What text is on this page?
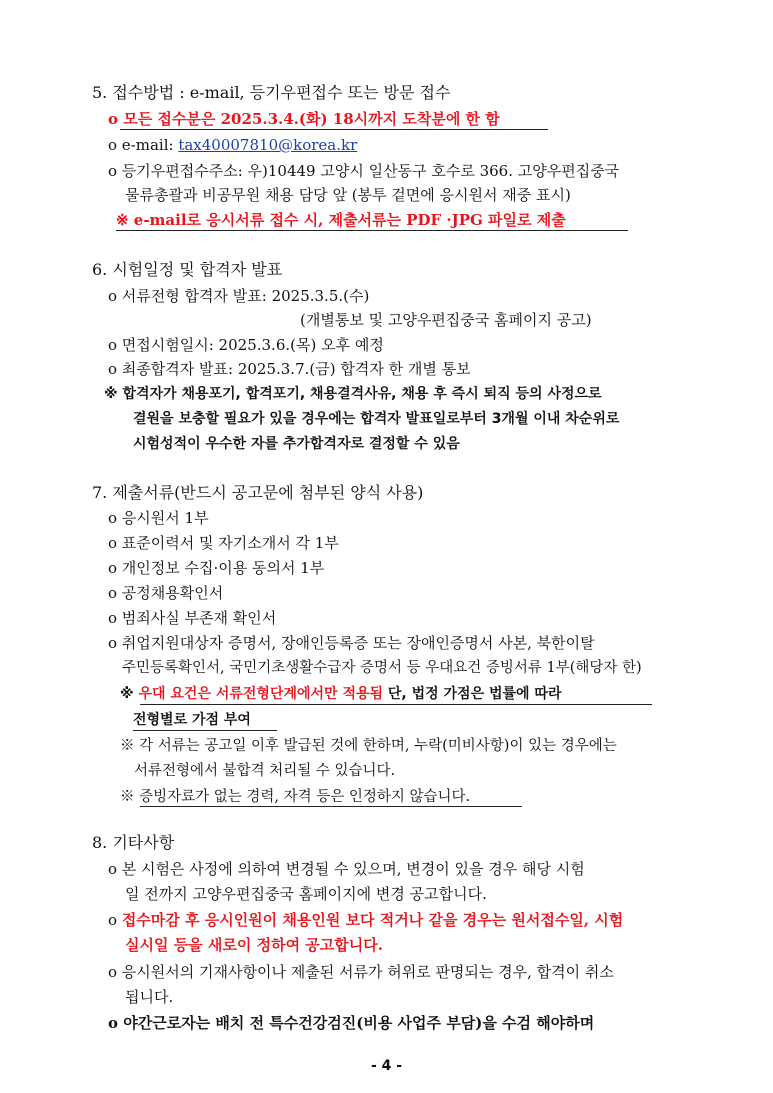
5. 접수방법 : e-mail, 등기우편접수 또는 방문 접수
o 모든 접수분은 2025.3.4.(화) 18시까지 도착분에 한 함
o e-mail: tax40007810@korea.kr
o 등기우편접수주소: 우)10449 고양시 일산동구 호수로 366. 고양우편집중국
물류총괄과 비공무원 채용 담당 앞 (봉투 겉면에 응시원서 재중 표시)
※ e-mail로 응시서류 접수 시, 제출서류는 PDF ·JPG 파일로 제출
6. 시험일정 및 합격자 발표
o 서류전형 합격자 발표: 2025.3.5.(수)
(개별통보 및 고양우편집중국 홈페이지 공고)
o 면접시험일시: 2025.3.6.(목) 오후 예정
o 최종합격자 발표: 2025.3.7.(금) 합격자 한 개별 통보
※ 합격자가 채용포기, 합격포기, 채용결격사유, 채용 후 즉시 퇴직 등의 사정으로
결원을 보충할 필요가 있을 경우에는 합격자 발표일로부터 3개월 이내 차순위로
시험성적이 우수한 자를 추가합격자로 결정할 수 있음
7. 제출서류(반드시 공고문에 첨부된 양식 사용)
o 응시원서 1부
o 표준이력서 및 자기소개서 각 1부
o 개인정보 수집·이용 동의서 1부
o 공정채용확인서
o 범죄사실 부존재 확인서
o 취업지원대상자 증명서, 장애인등록증 또는 장애인증명서 사본, 북한이탈
주민등록확인서, 국민기초생활수급자 증명서 등 우대요건 증빙서류 1부(해당자 한)
※ 우대 요건은 서류전형단계에서만 적용됨 단, 법정 가점은 법률에 따라
전형별로 가점 부여
※ 각 서류는 공고일 이후 발급된 것에 한하며, 누락(미비사항)이 있는 경우에는
서류전형에서 불합격 처리될 수 있습니다.
※ 증빙자료가 없는 경력, 자격 등은 인정하지 않습니다.
8. 기타사항
o 본 시험은 사정에 의하여 변경될 수 있으며, 변경이 있을 경우 해당 시험
일 전까지 고양우편집중국 홈페이지에 변경 공고합니다.
o 접수마감 후 응시인원이 채용인원 보다 적거나 같을 경우는 원서접수일, 시험
실시일 등을 새로이 정하여 공고합니다.
o 응시원서의 기재사항이나 제출된 서류가 허위로 판명되는 경우, 합격이 취소
됩니다.
o 야간근로자는 배치 전 특수건강검진(비용 사업주 부담)을 수검 해야하며
- 4 -
